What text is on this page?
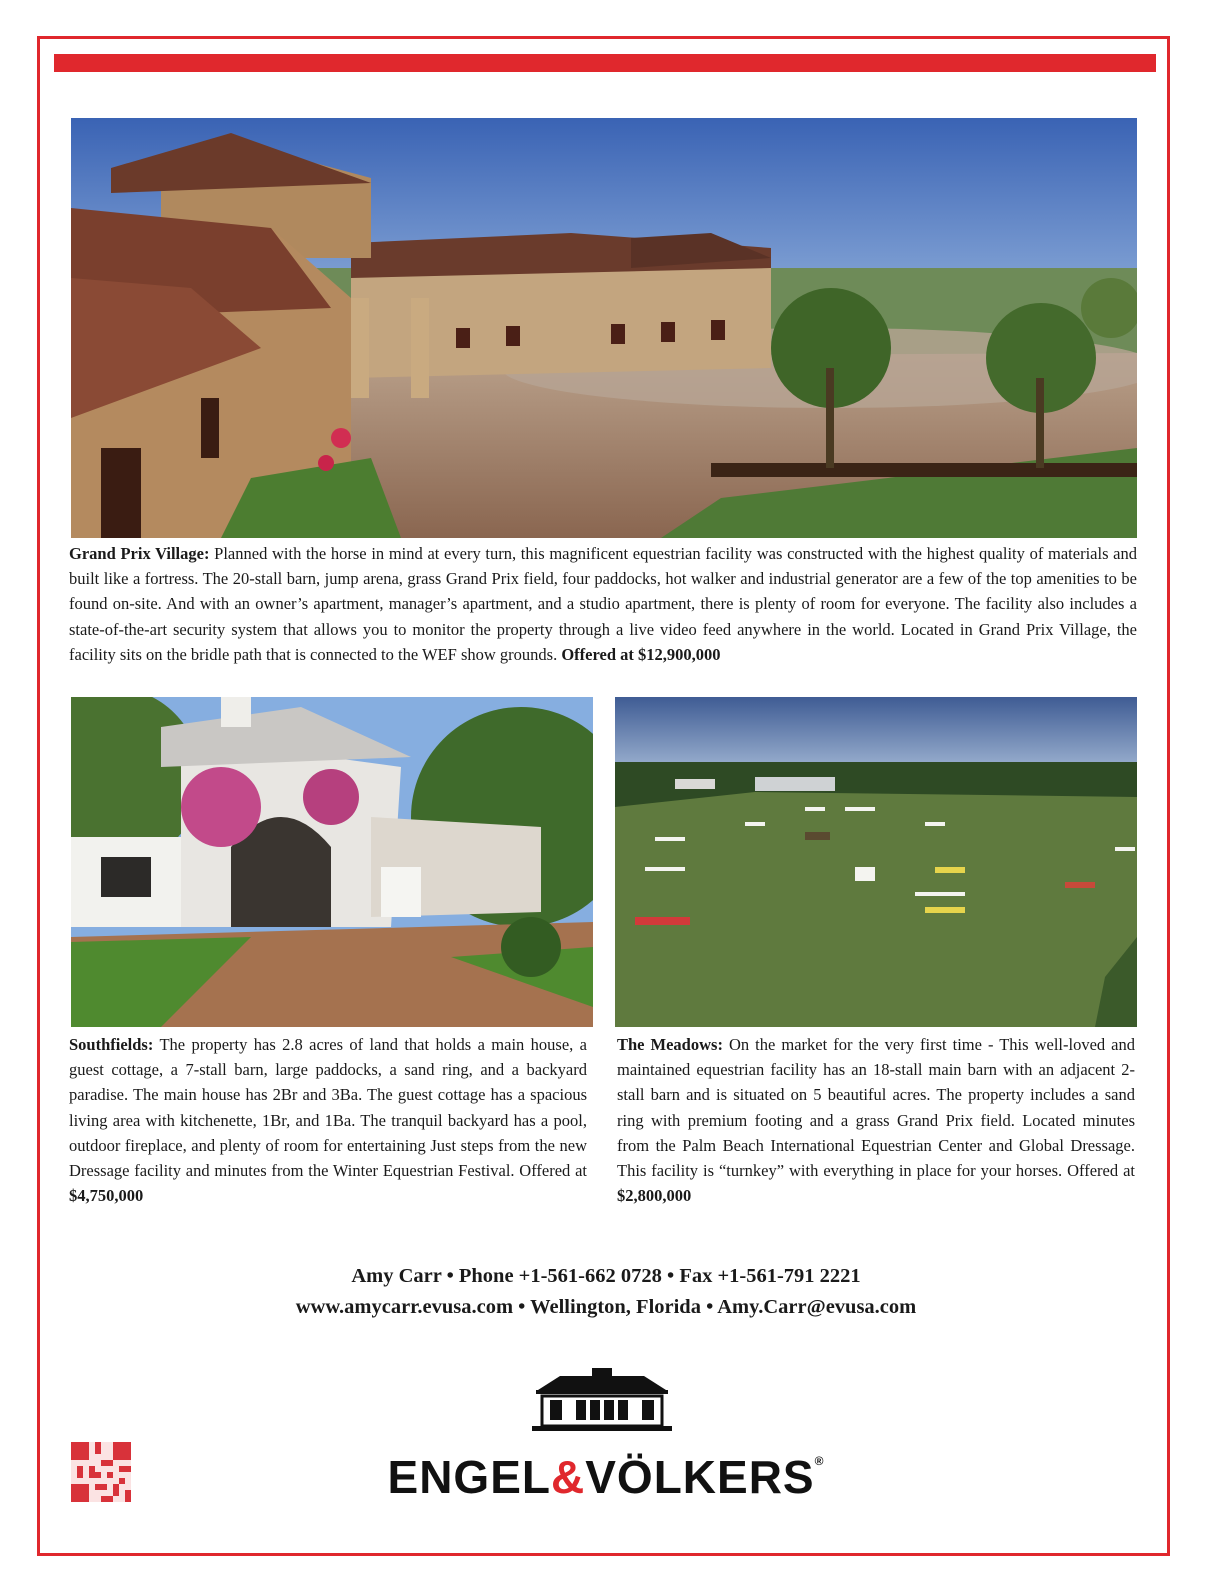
Grand Prix Village: Planned with the horse in mind at every turn, this magnificent equestrian facility was constructed with the highest quality of materials and built like a fortress. The 20-stall barn, jump arena, grass Grand Prix field, four paddocks, hot walker and industrial generator are a few of the top amenities to be found on-site. And with an owner’s apartment, manager’s apartment, and a studio apartment, there is plenty of room for everyone. The facility also includes a state-of-the-art security system that allows you to monitor the property through a live video feed anywhere in the world. Located in Grand Prix Village, the facility sits on the bridle path that is connected to the WEF show grounds. Offered at $12,900,000

Southfields: The property has 2.8 acres of land that holds a main house, a guest cottage, a 7-stall barn, large paddocks, a sand ring, and a backyard paradise. The main house has 2Br and 3Ba. The guest cottage has a spacious living area with kitchenette, 1Br, and 1Ba. The tranquil backyard has a pool, outdoor fireplace, and plenty of room for entertaining Just steps from the new Dressage facility and minutes from the Winter Equestrian Festival. Offered at $4,750,000

The Meadows: On the market for the very first time - This well-loved and maintained equestrian facility has an 18-stall main barn with an adjacent 2-stall barn and is situated on 5 beautiful acres. The property includes a sand ring with premium footing and a grass Grand Prix field. Located minutes from the Palm Beach International Equestrian Center and Global Dressage. This facility is “turnkey” with everything in place for your horses. Offered at $2,800,000

Amy Carr • Phone +1-561-662 0728 • Fax +1-561-791 2221

www.amycarr.evusa.com • Wellington, Florida • Amy.Carr@evusa.com

ENGEL&VÖLKERS®
